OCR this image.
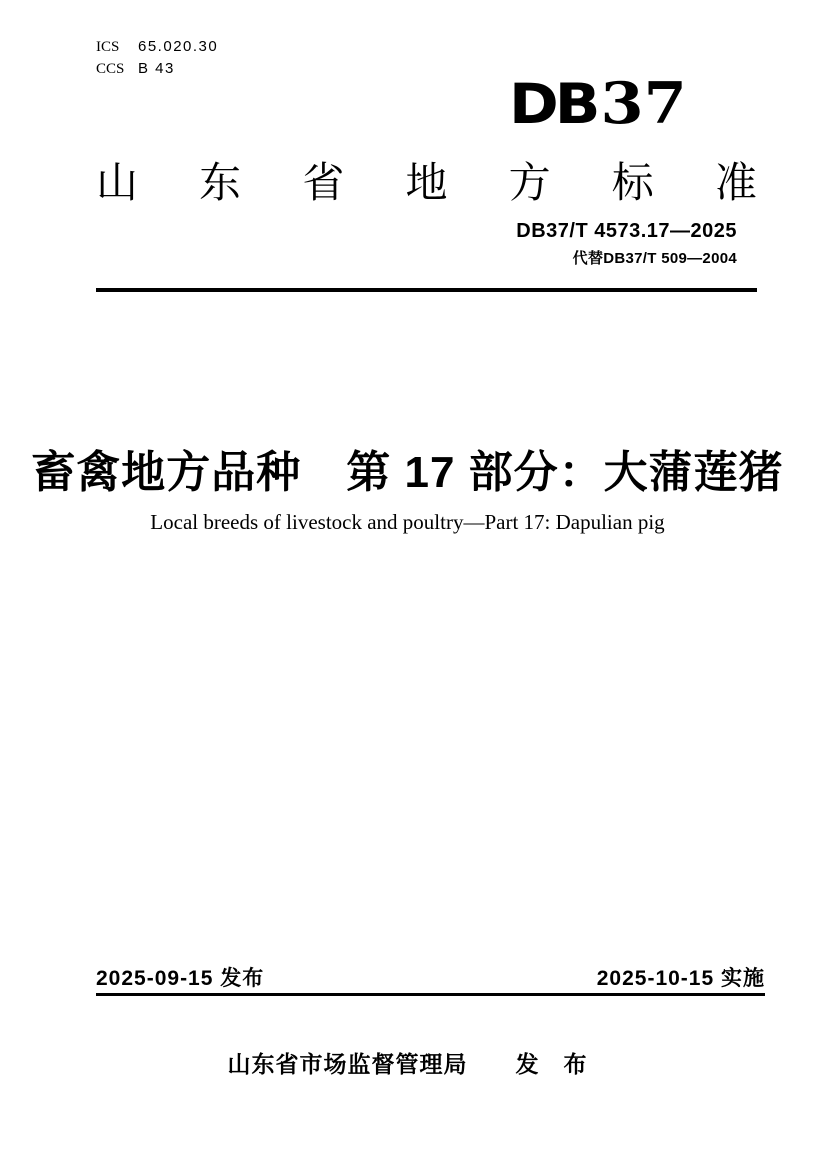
ICS	65.020.30
CCS B 43
DB 37
山 东 省 地 方 标 准
DB37/T 4573.17—2025
代替DB37/T 509—2004
畜禽地方品种　第 17 部分：大蒲莲猪
Local breeds of livestock and poultry—Part 17: Dapulian pig
2025-09-15 发布	2025-10-15 实施
山东省市场监督管理局　　发　布
